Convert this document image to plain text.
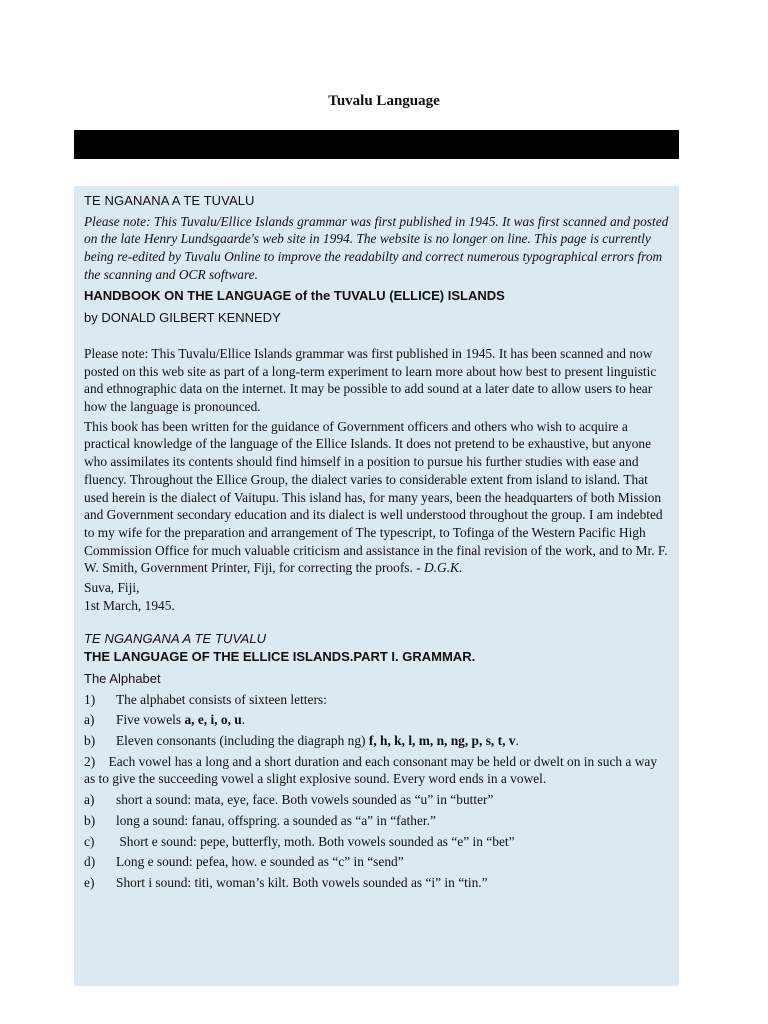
Tuvalu Language

TE NGANANA A TE TUVALU

Please note: This Tuvalu/Ellice Islands grammar was first published in 1945. It was first scanned and posted on the late Henry Lundsgaarde's web site in 1994. The website is no longer on line. This page is currently being re-edited by Tuvalu Online to improve the readabilty and correct numerous typographical errors from the scanning and OCR software.

HANDBOOK ON THE LANGUAGE of the TUVALU (ELLICE) ISLANDS

by DONALD GILBERT KENNEDY

Please note: This Tuvalu/Ellice Islands grammar was first published in 1945. It has been scanned and now posted on this web site as part of a long-term experiment to learn more about how best to present linguistic and ethnographic data on the internet. It may be possible to add sound at a later date to allow users to hear how the language is pronounced.

This book has been written for the guidance of Government officers and others who wish to acquire a practical knowledge of the language of the Ellice Islands. It does not pretend to be exhaustive, but anyone who assimilates its contents should find himself in a position to pursue his further studies with ease and fluency. Throughout the Ellice Group, the dialect varies to considerable extent from island to island. That used herein is the dialect of Vaitupu. This island has, for many years, been the headquarters of both Mission and Government secondary education and its dialect is well understood throughout the group. I am indebted to my wife for the preparation and arrangement of The typescript, to Tofinga of the Western Pacific High Commission Office for much valuable criticism and assistance in the final revision of the work, and to Mr. F. W. Smith, Government Printer, Fiji, for correcting the proofs. - D.G.K.

Suva, Fiji,

1st March, 1945.

TE NGANGANA A TE TUVALU

THE LANGUAGE OF THE ELLICE ISLANDS.PART I. GRAMMAR.

The Alphabet

1)	The alphabet consists of sixteen letters:
a)	Five vowels a, e, i, o, u.
b)	Eleven consonants (including the diagraph ng) f, h, k, l, m, n, ng, p, s, t, v.

2)    Each vowel has a long and a short duration and each consonant may be held or dwelt on in such a way as to give the succeeding vowel a slight explosive sound. Every word ends in a vowel.

a)	short a sound: mata, eye, face. Both vowels sounded as “u” in “butter”
b)	long a sound: fanau, offspring. a sounded as “a” in “father.”
c)	Short e sound: pepe, butterfly, moth. Both vowels sounded as “e” in “bet”
d)	Long e sound: pefea, how. e sounded as “c” in “send”
e)	Short i sound: titi, woman’s kilt. Both vowels sounded as “i” in “tin.”
